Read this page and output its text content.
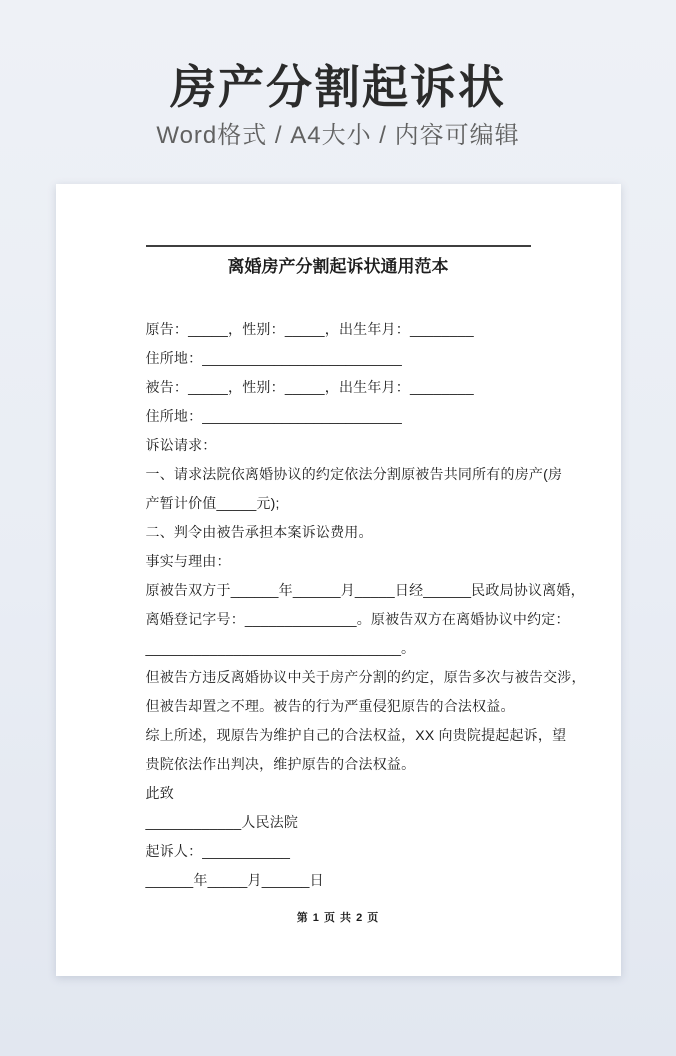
房产分割起诉状
Word格式 / A4大小 / 内容可编辑
离婚房产分割起诉状通用范本
原告：_____，性别：_____，出生年月：________
住所地：_________________________
被告：_____，性别：_____，出生年月：________
住所地：_________________________
诉讼请求：
一、请求法院依离婚协议的约定依法分割原被告共同所有的房产(房
产暂计价值_____元);
二、判令由被告承担本案诉讼费用。
事实与理由：
原被告双方于______年______月_____日经______民政局协议离婚，
离婚登记字号：______________。原被告双方在离婚协议中约定：
________________________________。
但被告方违反离婚协议中关于房产分割的约定，原告多次与被告交涉，
但被告却置之不理。被告的行为严重侵犯原告的合法权益。
综上所述，现原告为维护自己的合法权益，XX 向贵院提起起诉，望
贵院依法作出判决，维护原告的合法权益。
此致
____________人民法院
起诉人：___________
______年_____月______日
第 1 页 共 2 页
